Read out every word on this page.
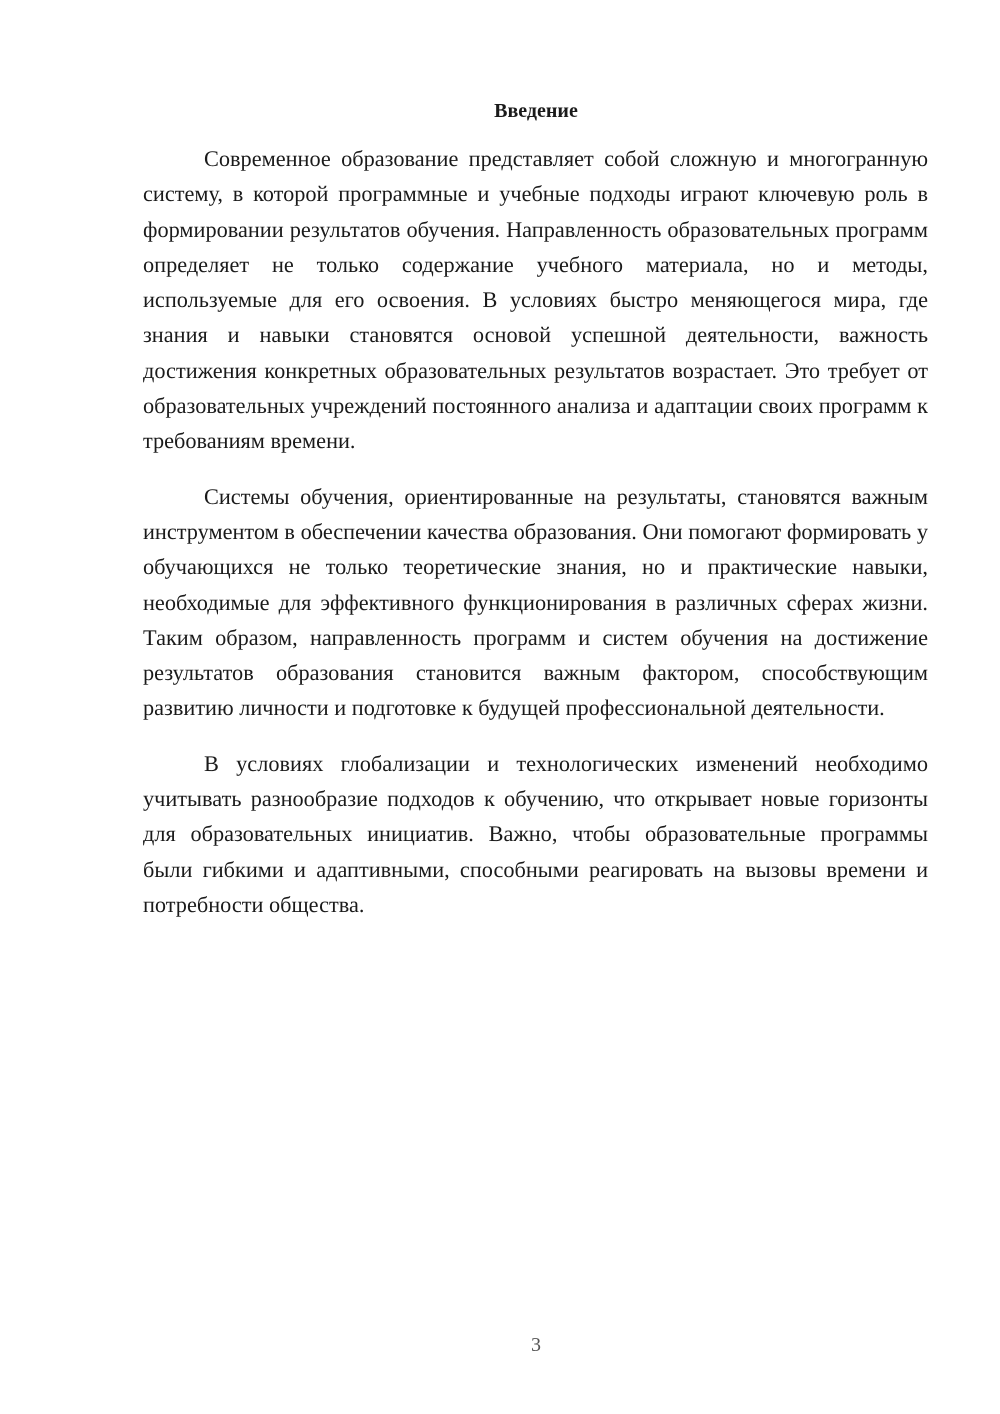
Введение

Современное образование представляет собой сложную и многогранную систему, в которой программные и учебные подходы играют ключевую роль в формировании результатов обучения. Направленность образовательных программ определяет не только содержание учебного материала, но и методы, используемые для его освоения. В условиях быстро меняющегося мира, где знания и навыки становятся основой успешной деятельности, важность достижения конкретных образовательных результатов возрастает. Это требует от образовательных учреждений постоянного анализа и адаптации своих программ к требованиям времени.

Системы обучения, ориентированные на результаты, становятся важным инструментом в обеспечении качества образования. Они помогают формировать у обучающихся не только теоретические знания, но и практические навыки, необходимые для эффективного функционирования в различных сферах жизни. Таким образом, направленность программ и систем обучения на достижение результатов образования становится важным фактором, способствующим развитию личности и подготовке к будущей профессиональной деятельности.

В условиях глобализации и технологических изменений необходимо учитывать разнообразие подходов к обучению, что открывает новые горизонты для образовательных инициатив. Важно, чтобы образовательные программы были гибкими и адаптивными, способными реагировать на вызовы времени и потребности общества.

3
